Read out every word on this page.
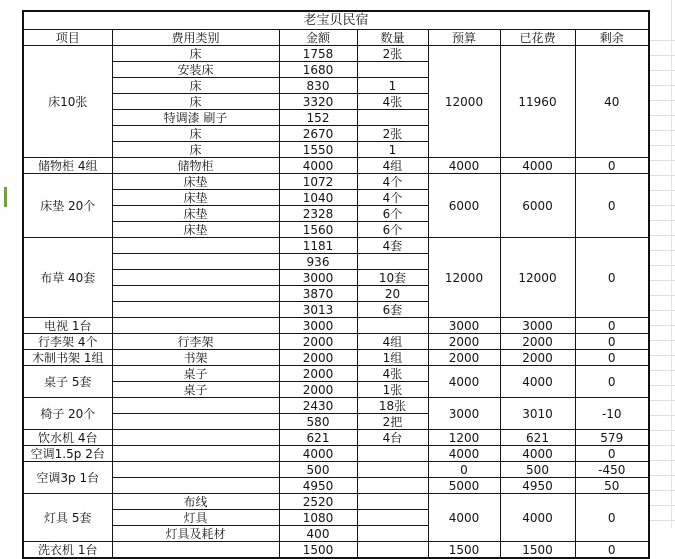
老宝贝民宿						
项目	费用类别	金额	数量	预算	已花费	剩余
床10张	床	1758	2张	12000	11960	40
	安装床	1680				
	床	830	1			
	床	3320	4张			
	特调漆 刷子	152				
	床	2670	2张			
	床	1550	1			
储物柜 4组	储物柜	4000	4组	4000	4000	0
床垫 20个	床垫	1072	4个	6000	6000	0
	床垫	1040	4个			
	床垫	2328	6个			
	床垫	1560	6个			
布草 40套		1181	4套	12000	12000	0
		936				
		3000	10套			
		3870	20			
		3013	6套			
电视 1台		3000		3000	3000	0
行李架 4个	行李架	2000	4组	2000	2000	0
木制书架 1组	书架	2000	1组	2000	2000	0
桌子 5套	桌子	2000	4张	4000	4000	0
	桌子	2000	1张			
椅子 20个		2430	18张	3000	3010	-10
		580	2把			
饮水机 4台		621	4台	1200	621	579
空调1.5p 2台		4000		4000	4000	0
空调3p 1台		500		0	500	-450
		4950		5000	4950	50
灯具 5套	布线	2520		4000	4000	0
	灯具	1080				
	灯具及耗材	400				
洗衣机 1台		1500		1500	1500	0
